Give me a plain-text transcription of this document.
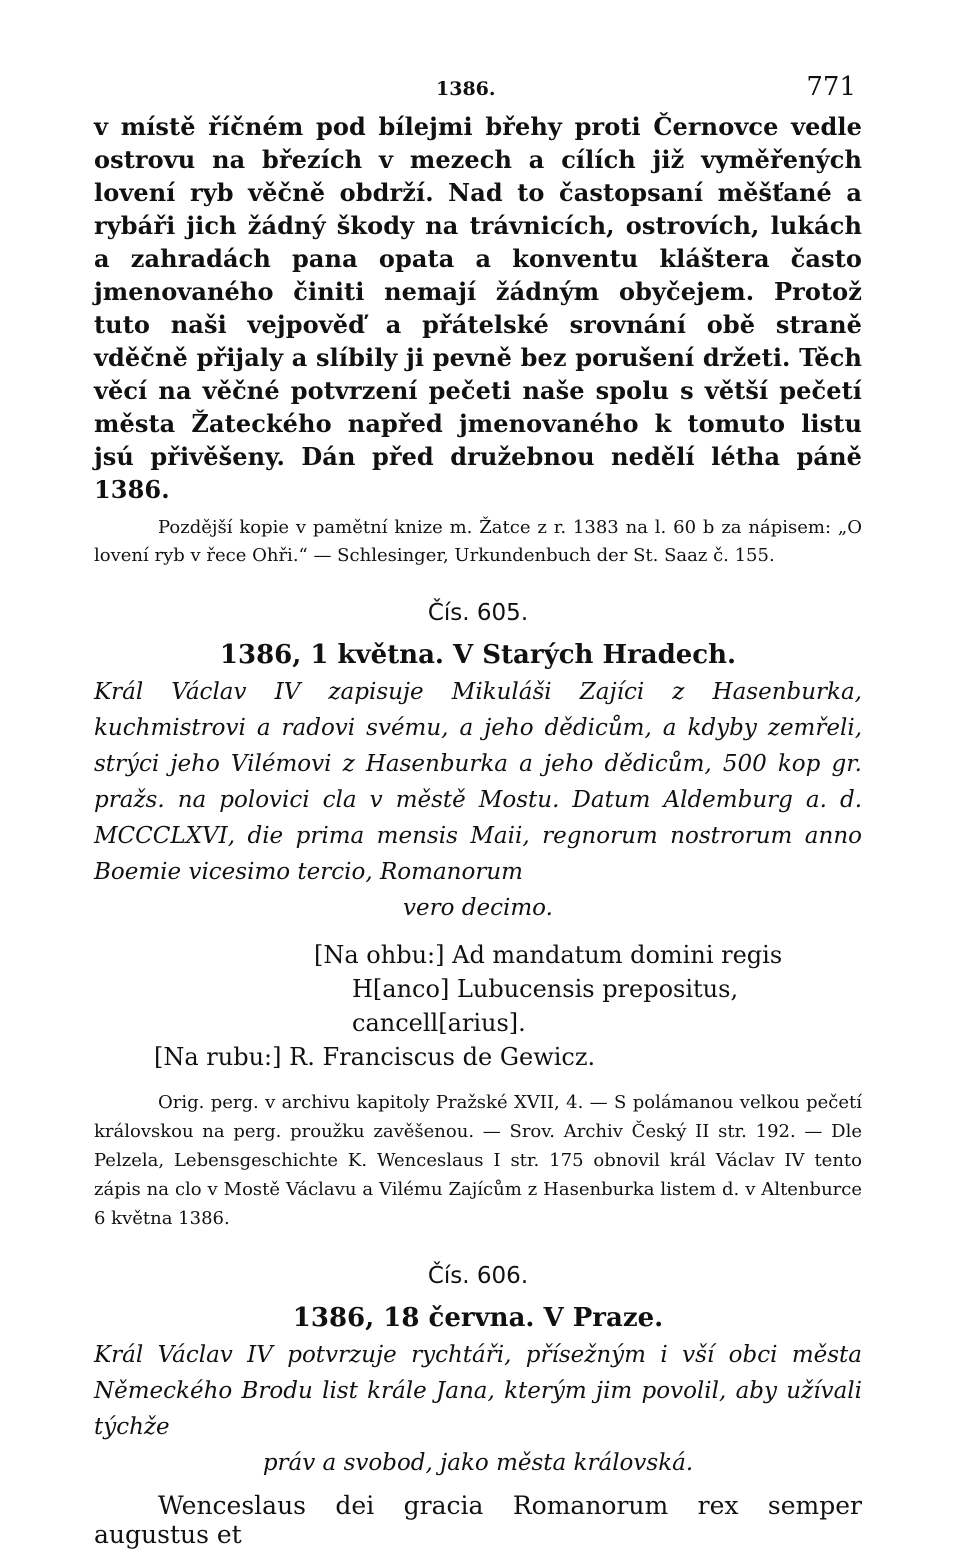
1386.	771

v místě říčném pod bílejmi břehy proti Černovce vedle ostrovu na březích v mezech a cílích již vyměřených lovení ryb věčně obdrží. Nad to častopsaní měšťané a rybáři jich žádný škody na trávnicích, ostrovích, lukách a zahradách pana opata a konventu kláštera často jmenovaného činiti nemají žádným obyčejem. Protož tuto naši vejpověď a přátelské srovnání obě straně vděčně přijaly a slíbily ji pevně bez porušení držeti. Těch věcí na věčné potvrzení pečeti naše spolu s větší pečetí města Žateckého napřed jmenovaného k tomuto listu jsú přivěšeny. Dán před družebnou nedělí létha páně 1386.

Pozdější kopie v pamětní knize m. Žatce z r. 1383 na l. 60 b za nápisem: „O lovení ryb v řece Ohři.“ — Schlesinger, Urkundenbuch der St. Saaz č. 155.

Čís. 605.

1386, 1 května. V Starých Hradech.

Král Václav IV zapisuje Mikuláši Zajíci z Hasenburka, kuchmistrovi a radovi svému, a jeho dědicům, a kdyby zemřeli, strýci jeho Vilémovi z Hasenburka a jeho dědicům, 500 kop gr. pražs. na polovici cla v městě Mostu. Datum Aldemburg a. d. MCCCLXVI, die prima mensis Maii, regnorum nostrorum anno Boemie vicesimo tercio, Romanorum
vero decimo.

[Na ohbu:] Ad mandatum domini regis
H[anco] Lubucensis prepositus, cancell[arius].
[Na rubu:] R. Franciscus de Gewicz.

Orig. perg. v archivu kapitoly Pražské XVII, 4. — S polámanou velkou pečetí královskou na perg. proužku zavěšenou. — Srov. Archiv Český II str. 192. — Dle Pelzela, Lebensgeschichte K. Wenceslaus I str. 175 obnovil král Václav IV tento zápis na clo v Mostě Václavu a Vilému Zajícům z Hasenburka listem d. v Altenburce 6 května 1386.

Čís. 606.

1386, 18 června. V Praze.

Král Václav IV potvrzuje rychtáři, přísežným i vší obci města Německého Brodu list krále Jana, kterým jim povolil, aby užívali týchže
práv a svobod, jako města královská.

Wenceslaus dei gracia Romanorum rex semper augustus et
